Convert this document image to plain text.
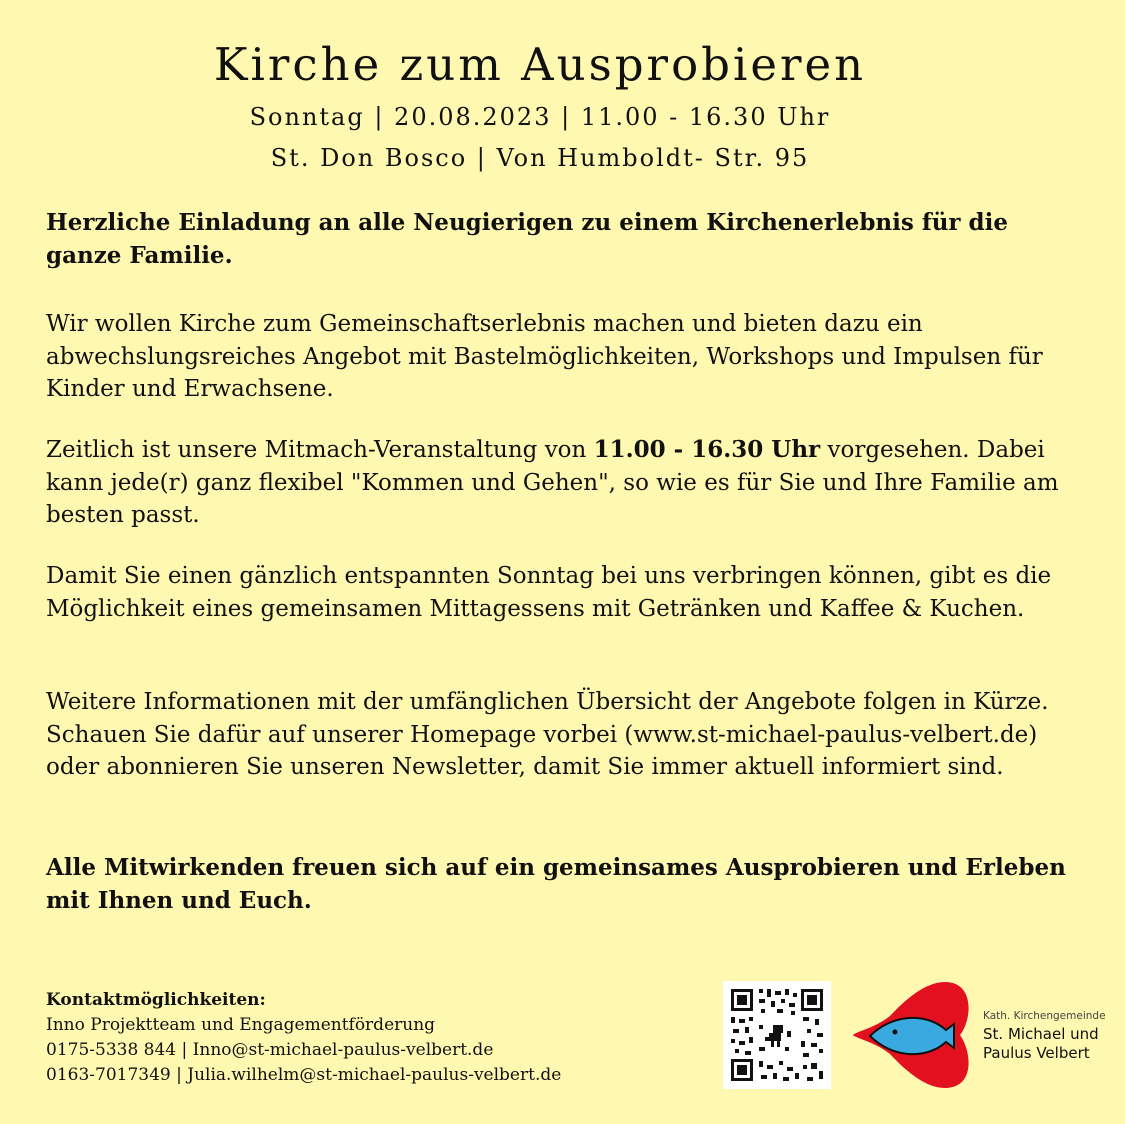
Kirche zum Ausprobieren
Sonntag | 20.08.2023 | 11.00 - 16.30 Uhr
St. Don Bosco | Von Humboldt- Str. 95
Herzliche Einladung an alle Neugierigen zu einem Kirchenerlebnis für die ganze Familie.
Wir wollen Kirche zum Gemeinschaftserlebnis machen und bieten dazu ein abwechslungsreiches Angebot mit Bastelmöglichkeiten, Workshops und Impulsen für Kinder und Erwachsene.
Zeitlich ist unsere Mitmach-Veranstaltung von 11.00 - 16.30 Uhr vorgesehen. Dabei kann jede(r) ganz flexibel "Kommen und Gehen", so wie es für Sie und Ihre Familie am besten passt.
Damit Sie einen gänzlich entspannten Sonntag bei uns verbringen können, gibt es die Möglichkeit eines gemeinsamen Mittagessens mit Getränken und Kaffee & Kuchen.
Weitere Informationen mit der umfänglichen Übersicht der Angebote folgen in Kürze. Schauen Sie dafür auf unserer Homepage vorbei (www.st-michael-paulus-velbert.de) oder abonnieren Sie unseren Newsletter, damit Sie immer aktuell informiert sind.
Alle Mitwirkenden freuen sich auf ein gemeinsames Ausprobieren und Erleben mit Ihnen und Euch.
Kontaktmöglichkeiten:
Inno Projektteam und Engagementförderung
0175-5338 844 | Inno@st-michael-paulus-velbert.de
0163-7017349 | Julia.wilhelm@st-michael-paulus-velbert.de
Kath. Kirchengemeinde
St. Michael und
Paulus Velbert
